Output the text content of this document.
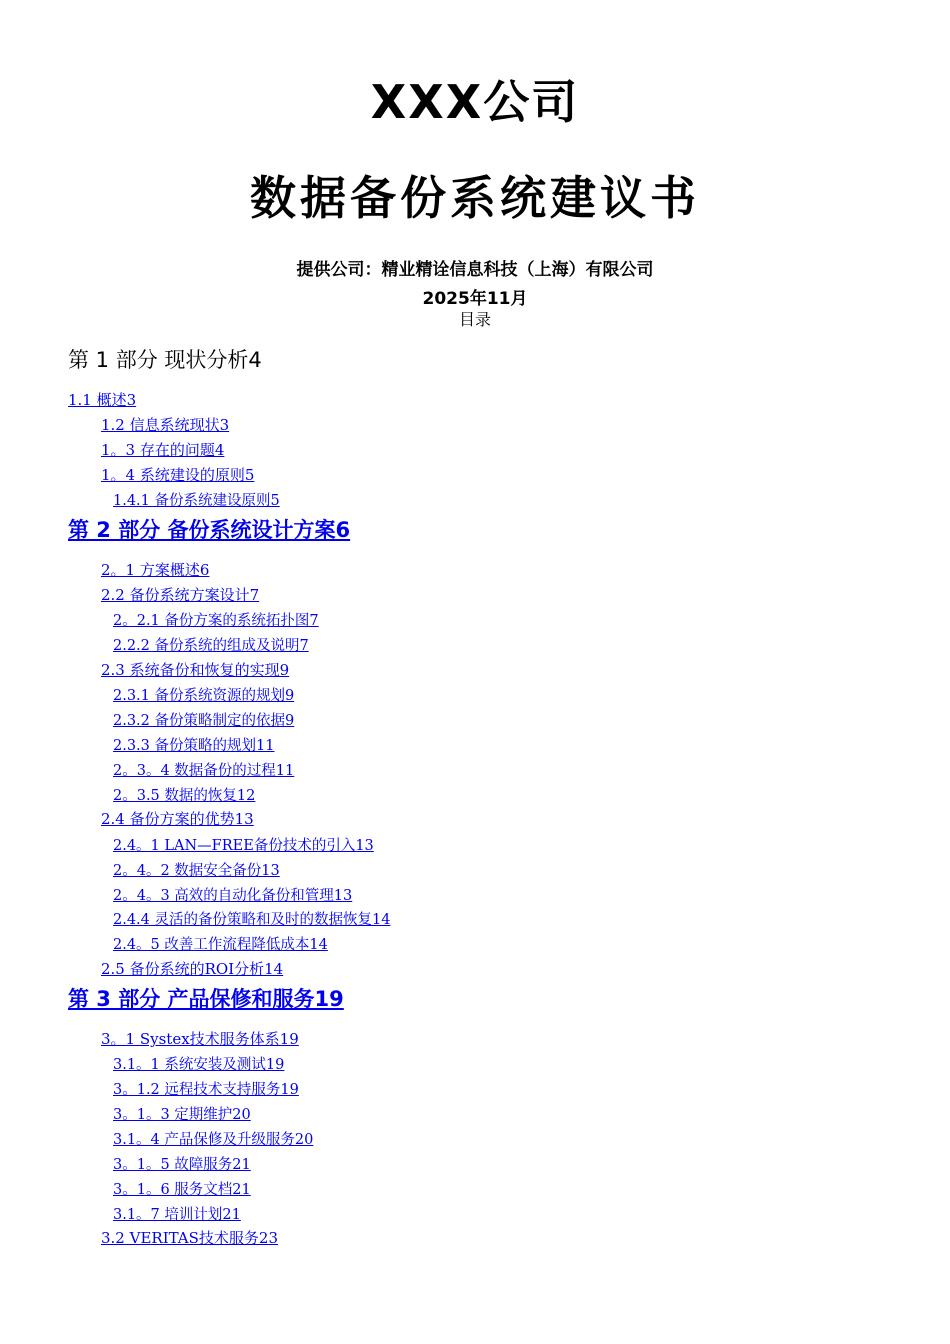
XXX公司
数据备份系统建议书
提供公司：精业精诠信息科技（上海）有限公司
2025年11月
目录
第 1 部分 现状分析4
1.1 概述3
1.2 信息系统现状3
1。3 存在的问题4
1。4 系统建设的原则5
1.4.1 备份系统建设原则5
第 2 部分 备份系统设计方案6
2。1 方案概述6
2.2 备份系统方案设计7
2。2.1 备份方案的系统拓扑图7
2.2.2 备份系统的组成及说明7
2.3 系统备份和恢复的实现9
2.3.1 备份系统资源的规划9
2.3.2 备份策略制定的依据9
2.3.3 备份策略的规划11
2。3。4 数据备份的过程11
2。3.5 数据的恢复12
2.4 备份方案的优势13
2.4。1 LAN—FREE备份技术的引入13
2。4。2 数据安全备份13
2。4。3 高效的自动化备份和管理13
2.4.4 灵活的备份策略和及时的数据恢复14
2.4。5 改善工作流程降低成本14
2.5 备份系统的ROI分析14
第 3 部分 产品保修和服务19
3。1 Systex技术服务体系19
3.1。1 系统安装及测试19
3。1.2 远程技术支持服务19
3。1。3 定期维护20
3.1。4 产品保修及升级服务20
3。1。5 故障服务21
3。1。6 服务文档21
3.1。7 培训计划21
3.2 VERITAS技术服务23
